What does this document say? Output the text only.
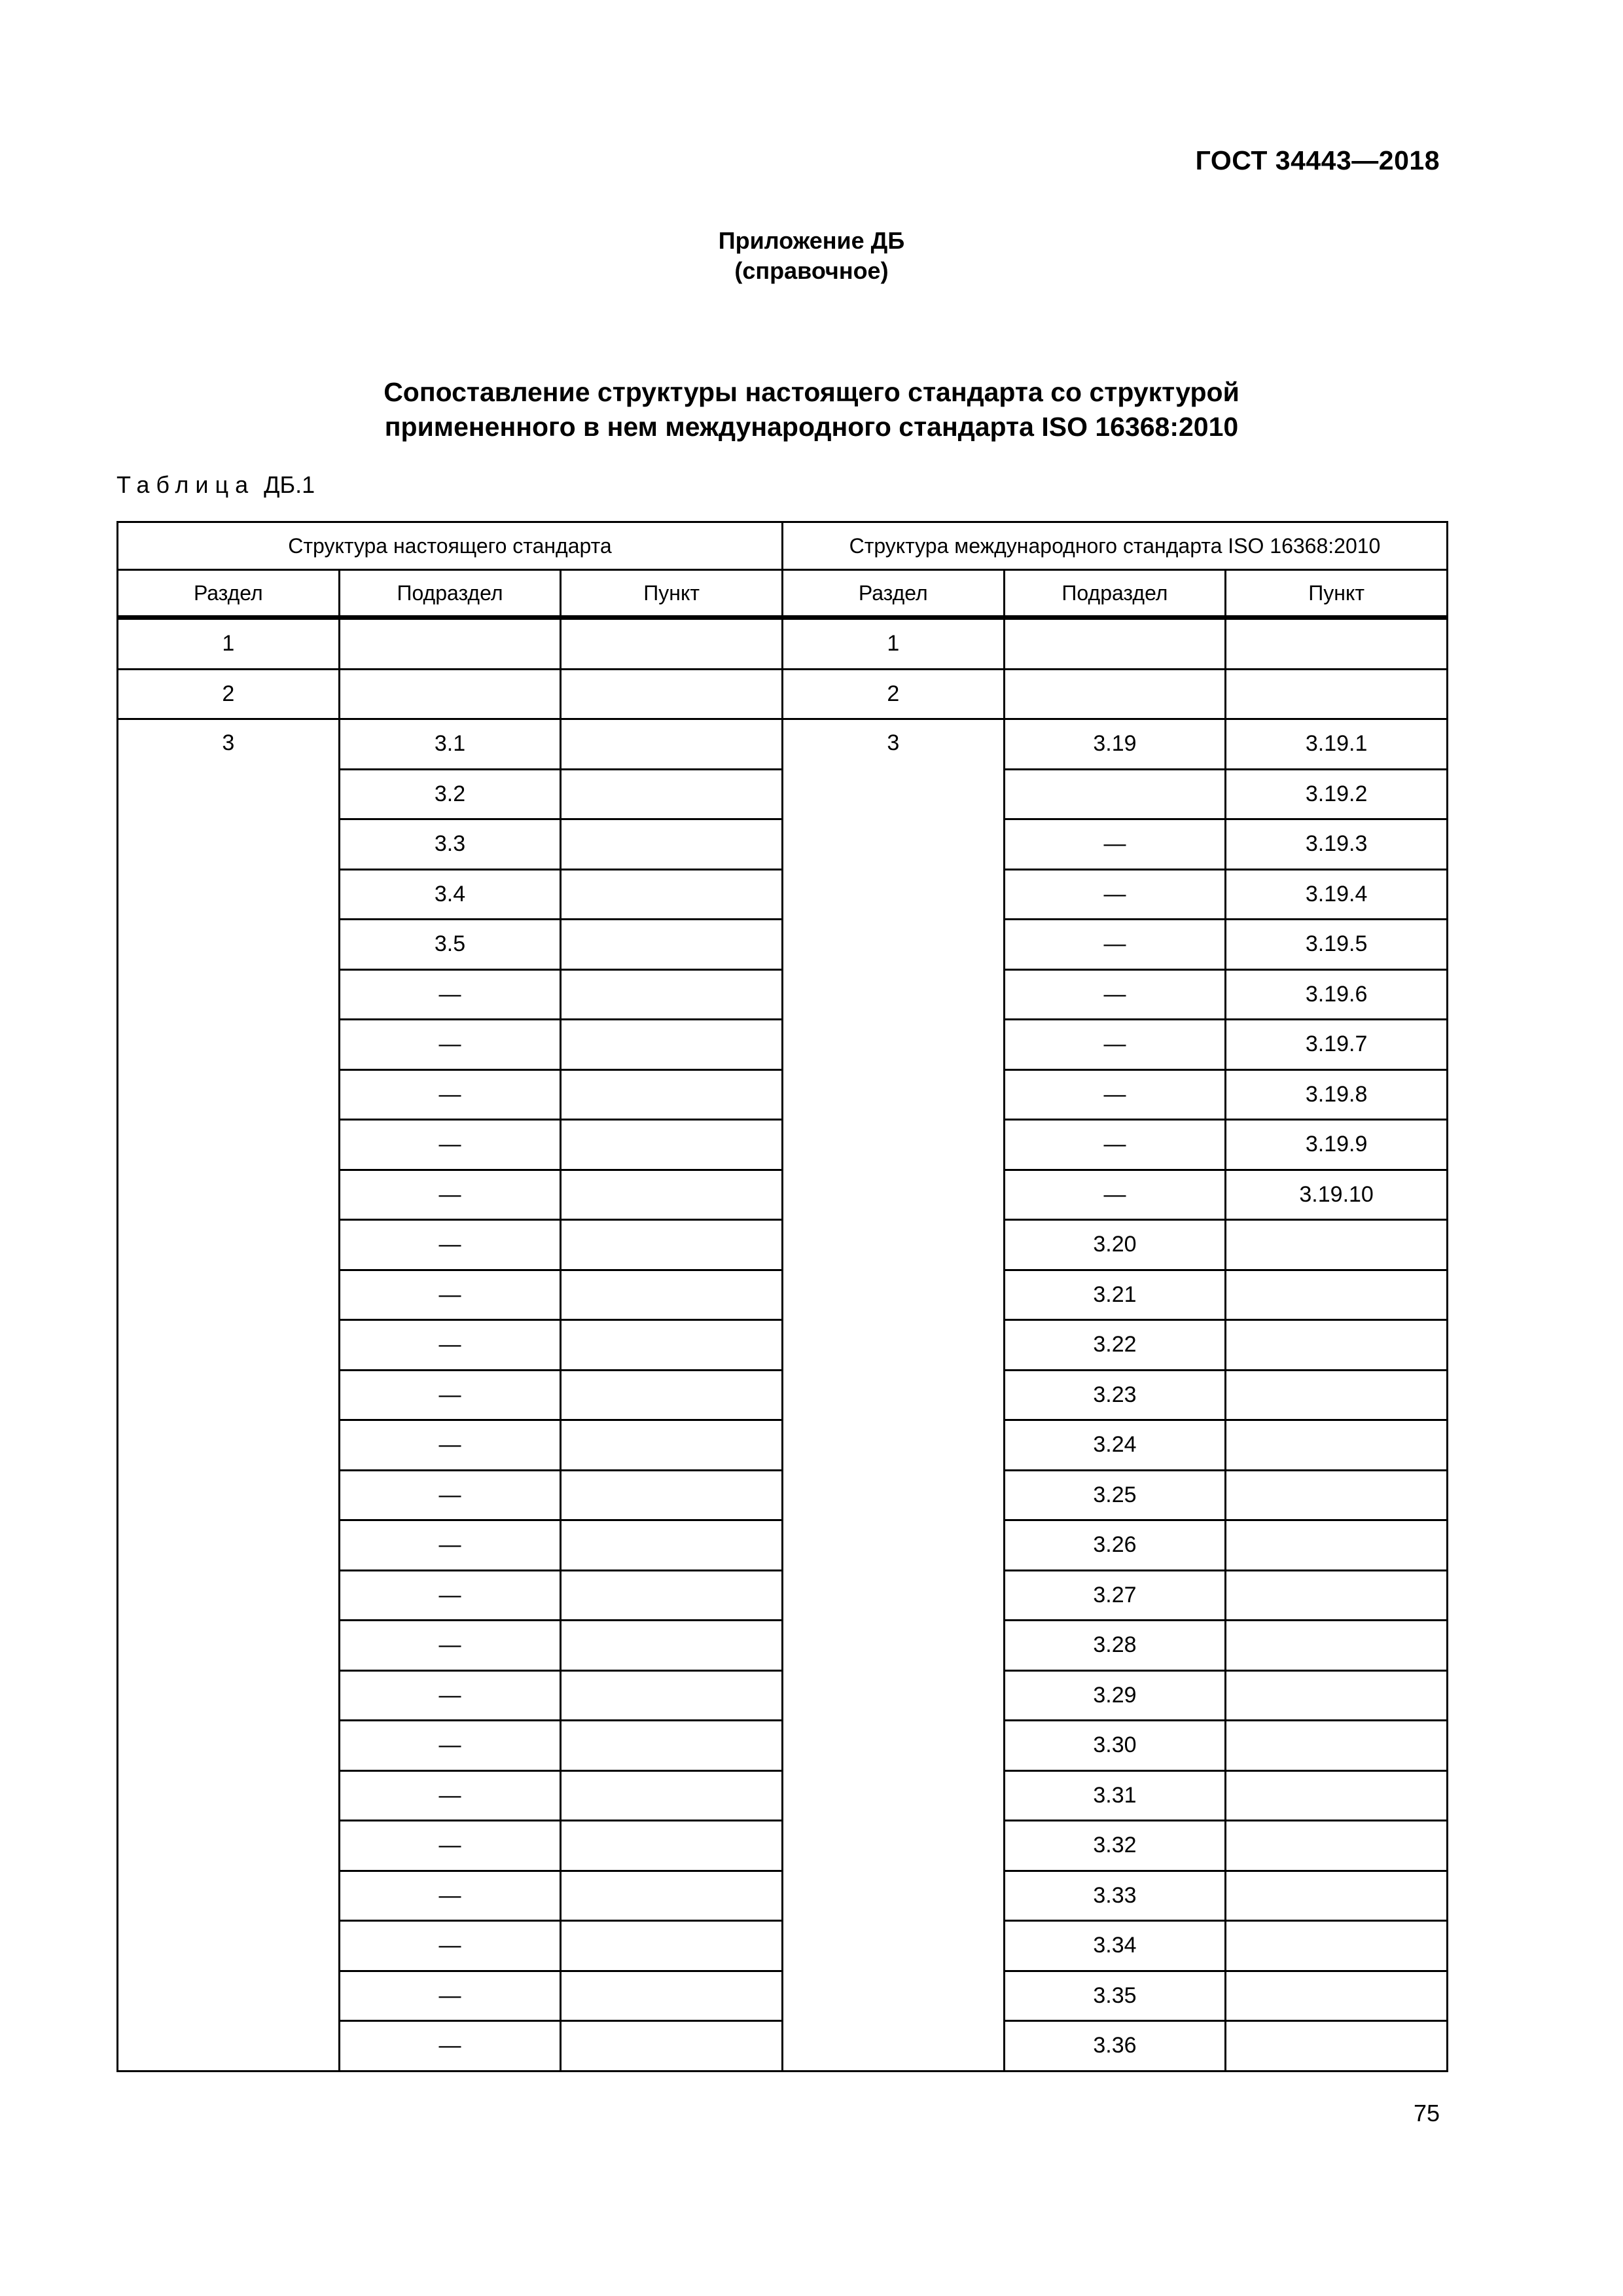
ГОСТ 34443—2018
Приложение ДБ
(справочное)
Сопоставление структуры настоящего стандарта со структурой
примененного в нем международного стандарта ISO 16368:2010
Таблица ДБ.1
Структура настоящего стандарта			Структура международного стандарта ISO 16368:2010		
Раздел	Подраздел	Пункт	Раздел	Подраздел	Пункт
1			1		
2			2		
3	3.1		3	3.19	3.19.1
	3.2				3.19.2
	3.3			—	3.19.3
	3.4			—	3.19.4
	3.5			—	3.19.5
	—			—	3.19.6
	—			—	3.19.7
	—			—	3.19.8
	—			—	3.19.9
	—			—	3.19.10
	—			3.20	
	—			3.21	
	—			3.22	
	—			3.23	
	—			3.24	
	—			3.25	
	—			3.26	
	—			3.27	
	—			3.28	
	—			3.29	
	—			3.30	
	—			3.31	
	—			3.32	
	—			3.33	
	—			3.34	
	—			3.35	
	—			3.36	
75
